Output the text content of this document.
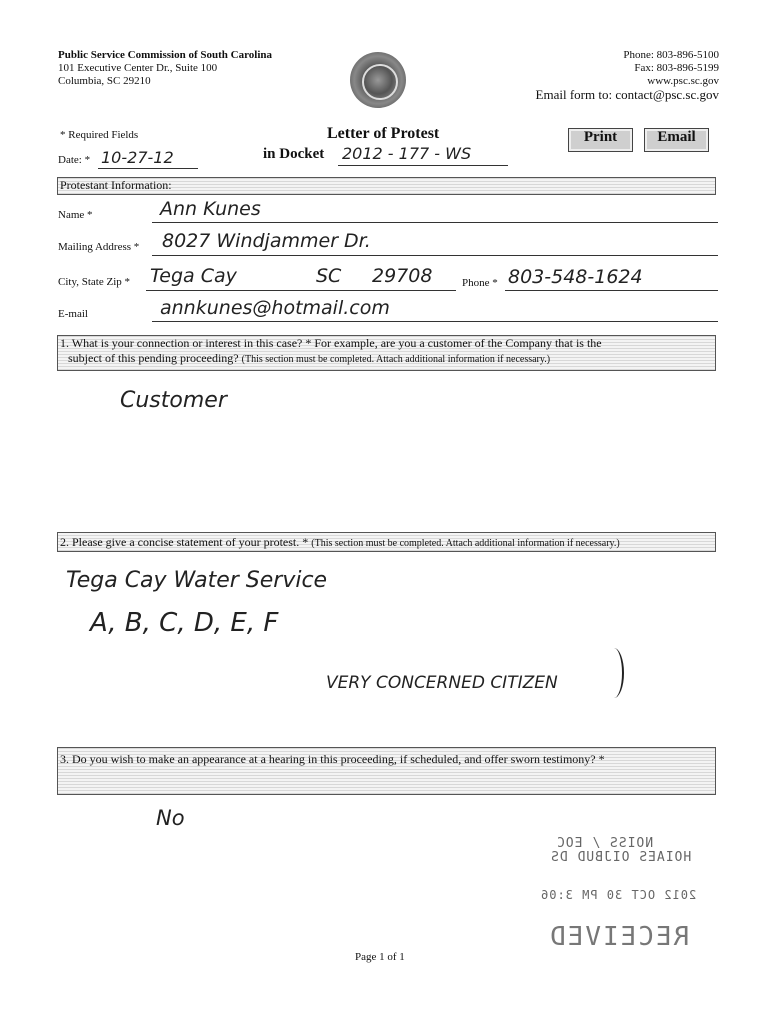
Public Service Commission of South Carolina
101 Executive Center Dr., Suite 100
Columbia, SC 29210
Phone: 803-896-5100
Fax: 803-896-5199
www.psc.sc.gov
Email form to: contact@psc.sc.gov
* Required Fields	Letter of Protest
in Docket 2012 - 177 - WS
Date: * 10-27-12
Print	Email
Protestant Information:
Name *	Ann Kunes
Mailing Address * 8027 Windjammer Dr.
City, State Zip * Tega Cay	SC 29708	Phone * 803-548-1624
E-mail	annkunes@hotmail.com
1. What is your connection or interest in this case? * For example, are you a customer of the Company that is the
subject of this pending proceeding? (This section must be completed. Attach additional information if necessary.)
Customer
2. Please give a concise statement of your protest. * (This section must be completed. Attach additional information if necessary.)
Tega Cay Water Service
A, B, C, D, E, F
VERY CONCERNED CITIZEN
3. Do you wish to make an appearance at a hearing in this proceeding, if scheduled, and offer sworn testimony? *
No
NOISS / EOC
HOIAES OIJBUD DS
2012 OCT 30 PM 3:06
RECEIVED
Page 1 of 1
